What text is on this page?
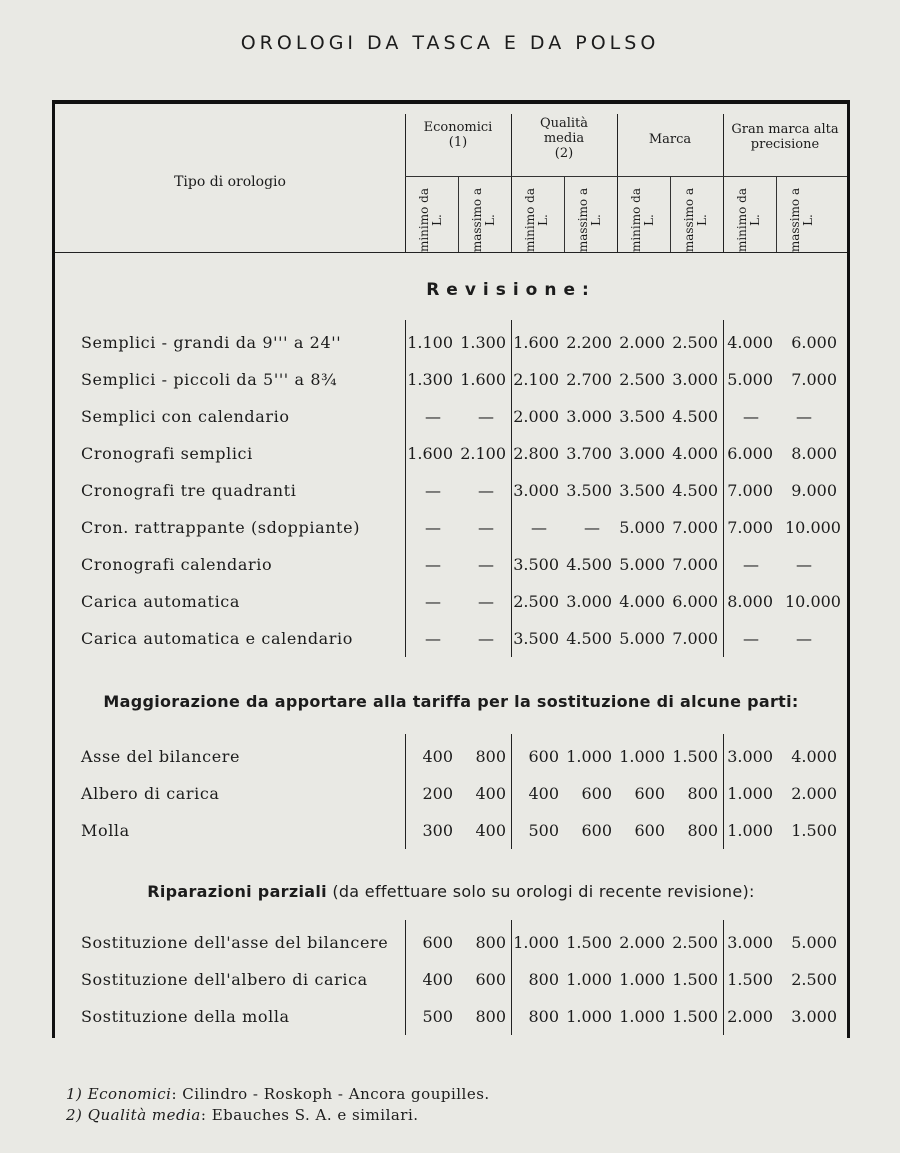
OROLOGI DA TASCA E DA POLSO
Tipo di orologio
Economici
(1)
Qualità media
(2)
Marca
Gran marca alta precisione
minimo da L. massimo a L. minimo da L. massimo a L. minimo da L. massimo a L. minimo da L. massimo a L.
Revisione:
Semplici - grandi da 9''' a 24''	1.100 1.300 1.600 2.200 2.000 2.500 4.000	6.000
Semplici - piccoli da 5''' a 8¾	1.300 1.600 2.100 2.700 2.500 3.000 5.000	7.000
Semplici con calendario	—	—	2.000 3.000 3.500 4.500	—	—
Cronografi semplici	1.600 2.100 2.800 3.700 3.000 4.000 6.000	8.000
Cronografi tre quadranti	—	—	3.000 3.500 3.500 4.500 7.000	9.000
Cron. rattrappante (sdoppiante)	—	—	—	—	5.000 7.000 7.000 10.000
Cronografi calendario	—	—	3.500 4.500 5.000 7.000	—	—
Carica automatica	—	—	2.500 3.000 4.000 6.000 8.000 10.000
Carica automatica e calendario	—	—	3.500 4.500 5.000 7.000	—	—
Maggiorazione da apportare alla tariffa per la sostituzione di alcune parti:
Asse del bilancere	400	800	600 1.000 1.000 1.500 3.000	4.000
Albero di carica	200	400	400	600	600	800 1.000	2.000
Molla	300	400	500	600	600	800 1.000	1.500
Riparazioni parziali (da effettuare solo su orologi di recente revisione):
Sostituzione dell'asse del bilancere	600	800 1.000 1.500 2.000 2.500 3.000	5.000
Sostituzione dell'albero di carica	400	600	800 1.000 1.000 1.500 1.500	2.500
Sostituzione della molla	500	800	800 1.000 1.000 1.500 2.000	3.000
1) Economici: Cilindro - Roskoph - Ancora goupilles.
2) Qualità media: Ebauches S. A. e similari.
